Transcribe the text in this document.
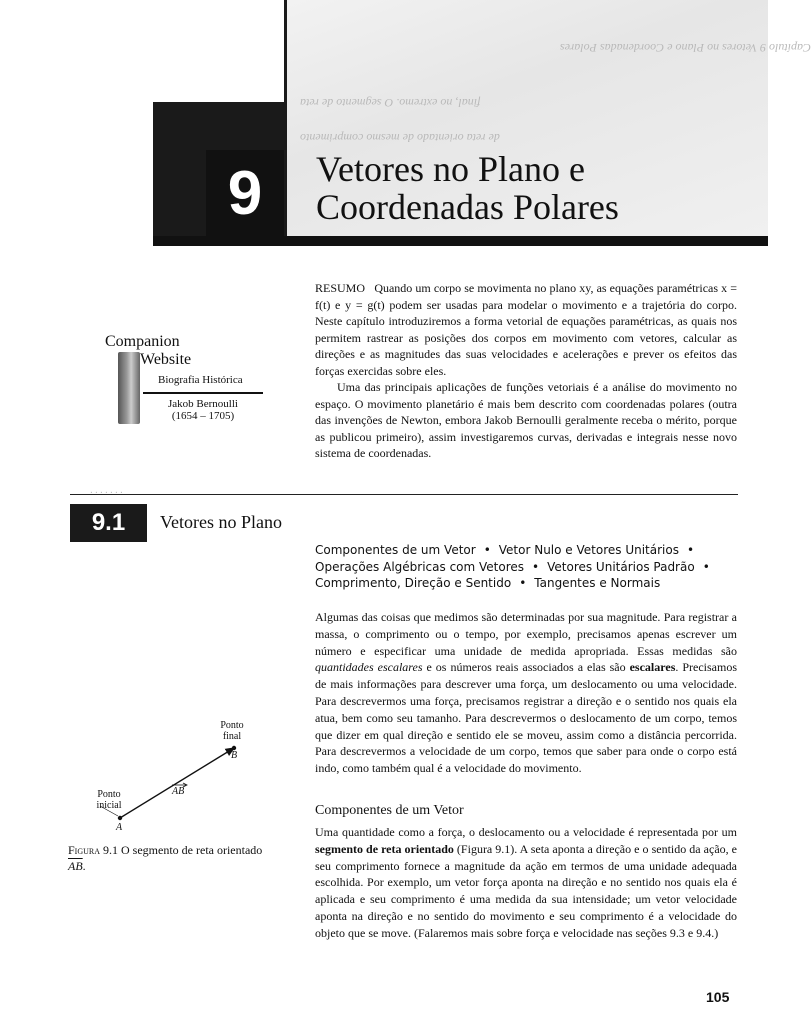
Capítulo 9 Vetores no Plano e Coordenadas Polares
final, no extremo. O segmento de reta
de reta orientado de mesmo comprimento
9	Vetores no Plano e
Coordenadas Polares
Companion
Website
Biografia Histórica
Jakob Bernoulli
(1654 – 1705)

RESUMO Quando um corpo se movimenta no plano xy, as equações paramétricas x = f(t) e y = g(t) podem ser usadas para modelar o movimento e a trajetória do corpo. Neste capítulo introduziremos a forma vetorial de equações paramétricas, as quais nos permitem rastrear as posições dos corpos em movimento com vetores, calcular as direções e as magnitudes das suas velocidades e acelerações e prever os efeitos das forças exercidas sobre eles.

Uma das principais aplicações de funções vetoriais é a análise do movimento no espaço. O movimento planetário é mais bem descrito com coordenadas polares (outra das invenções de Newton, embora Jakob Bernoulli geralmente receba o mérito, porque as publicou primeiro), assim investigaremos curvas, derivadas e integrais nesse novo sistema de coordenadas.

9.1	Vetores no Plano
Componentes de um Vetor • Vetor Nulo e Vetores Unitários •
Operações Algébricas com Vetores • Vetores Unitários Padrão •
Comprimento, Direção e Sentido • Tangentes e Normais

Algumas das coisas que medimos são determinadas por sua magnitude. Para registrar a massa, o comprimento ou o tempo, por exemplo, precisamos apenas escrever um número e especificar uma unidade de medida apropriada. Essas medidas são quantidades escalares e os números reais associados a elas são escalares. Precisamos de mais informações para descrever uma força, um deslocamento ou uma velocidade. Para descrevermos uma força, precisamos registrar a direção e o sentido nos quais ela atua, bem como seu tamanho. Para descrevermos o deslocamento de um corpo, temos que dizer em qual direção e sentido ele se moveu, assim como a distância percorrida. Para descrevermos a velocidade de um corpo, temos que saber para onde o corpo está indo, como também qual é a velocidade do movimento.

Ponto final
B
Ponto inicial
AB
A
Figura 9.1 O segmento de reta orientado $\overline{AB}$.
Componentes de um Vetor

Uma quantidade como a força, o deslocamento ou a velocidade é representada por um segmento de reta orientado (Figura 9.1). A seta aponta a direção e o sentido da ação, e seu comprimento fornece a magnitude da ação em termos de uma unidade adequada escolhida. Por exemplo, um vetor força aponta na direção e no sentido nos quais ela é aplicada e seu comprimento é uma medida da sua intensidade; um vetor velocidade aponta na direção e no sentido do movimento e seu comprimento é a velocidade do objeto que se move. (Falaremos mais sobre força e velocidade nas seções 9.3 e 9.4.)

105
